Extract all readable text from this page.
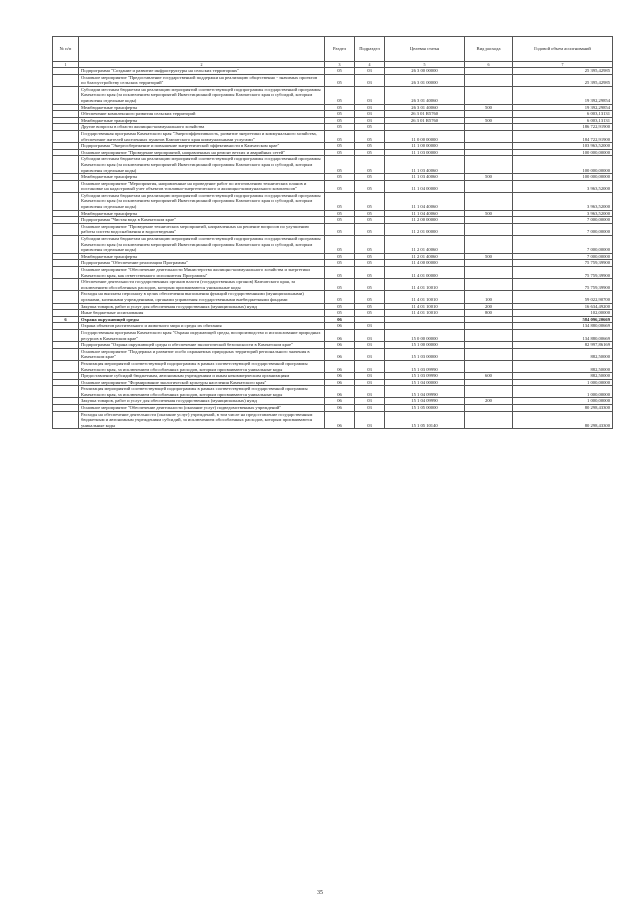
№ п/п		Раздел	Подраздел	Целевая статья	Вид расхода	Годовой объем ассигнований
1	2	3	4	5	6	7
	Подпрограмма "Создание и развитие инфраструктуры на сельских территориях"	05	03	26 3 00 00000		25 395,42985
	Основное мероприятие "Предоставление государственной поддержки на реализацию общественно - значимых проектов по благоустройству сельских территорий"	05	03	26 3 01 00000		25 395,42985
	Субсидии местным бюджетам на реализацию мероприятий соответствующей подпрограммы государственной программы Камчатского края (за исключением мероприятий Инвестиционной программы Камчатского края и субсидий, которым присвоены отдельные коды)	05	03	26 3 01 40060		19 392,29854
	Межбюджетные трансферты	05	03	26 3 01 40060	500	19 392,29854
	Обеспечение комплексного развития сельских территорий	05	03	26 3 01 R5760		6 003,13131
	Межбюджетные трансферты	05	03	26 3 01 R5760	500	6 003,13131
	Другие вопросы в области жилищно-коммунального хозяйства	05	05			186 722,91900
	Государственная программа Камчатского края "Энергоэффективность, развитие энергетики и коммунального хозяйства, обеспечение жителей населенных пунктов Камчатского края коммунальными услугами"	05	05	11 0 00 00000		184 722,91900
	Подпрограмма "Энергосбережение и повышение энергетической эффективности в Камчатском крае"	05	05	11 1 00 00000		103 963,52000
	Основное мероприятие "Проведение мероприятий, направленных на ремонт ветхих и аварийных сетей"	05	05	11 1 03 00000		100 000,00000
	Субсидии местным бюджетам на реализацию мероприятий соответствующей подпрограммы государственной программы Камчатского края (за исключением мероприятий Инвестиционной программы Камчатского края и субсидий, которым присвоены отдельные коды)	05	05	11 1 03 40060		100 000,00000
	Межбюджетные трансферты	05	05	11 1 03 40060	500	100 000,00000
	Основное мероприятие "Мероприятия, направленные на проведение работ по изготовлению технических планов и постановке на кадастровый учет объектов топливно-энергетического и жилищно-коммунального комплексов"	05	05	11 1 04 00000		3 963,52000
	Субсидии местным бюджетам на реализацию мероприятий соответствующей подпрограммы государственной программы Камчатского края (за исключением мероприятий Инвестиционной программы Камчатского края и субсидий, которым присвоены отдельные коды)	05	05	11 1 04 40060		3 963,52000
	Межбюджетные трансферты	05	05	11 1 04 40060	500	3 963,52000
	Подпрограмма "Чистая вода в Камчатском крае"	05	05	11 2 00 00000		7 000,00000
	Основное мероприятие "Проведение технических мероприятий, направленных на решение вопросов по улучшению работы систем водоснабжения и водоотведения"	05	05	11 2 01 00000		7 000,00000
	Субсидии местным бюджетам на реализацию мероприятий соответствующей подпрограммы государственной программы Камчатского края (за исключением мероприятий Инвестиционной программы Камчатского края и субсидий, которым присвоены отдельные коды)	05	05	11 2 01 40060		7 000,00000
	Межбюджетные трансферты	05	05	11 2 01 40060	500	7 000,00000
	Подпрограмма "Обеспечение реализации Программы"	05	05	11 4 00 00000		75 759,39900
	Основное мероприятие "Обеспечение деятельности Министерства жилищно-коммунального хозяйства и энергетики Камчатского края, как ответственного исполнителя Программы"	05	05	11 4 01 00000		75 759,39900
	Обеспечение деятельности государственных органов власти (государственных органов) Камчатского края, за исключением обособленных расходов, которым присваиваются уникальные коды	05	05	11 4 01 10010		75 759,39900
	Расходы на выплаты персоналу в целях обеспечения выполнения функций государственными (муниципальными) органами, казенными учреждениями, органами управления государственными внебюджетными фондами	05	05	11 4 01 10010	100	59 022,90700
	Закупка товаров, работ и услуг для обеспечения государственных (муниципальных) нужд	05	05	11 4 01 10010	200	16 634,49200
	Иные бюджетные ассигнования	05	05	11 4 01 10010	800	102,00000
6	Охрана окружающей среды	06				584 096,20669
	Охрана объектов растительного и животного мира и среды их обитания	06	03			134 880,00669
	Государственная программа Камчатского края "Охрана окружающей среды, воспроизводство и использование природных ресурсов в Камчатском крае"	06	03	15 0 00 00000		134 880,00669
	Подпрограмма "Охрана окружающей среды и обеспечение экологической безопасности в Камчатском крае"	06	03	15 1 00 00000		82 997,86169
	Основное мероприятие "Поддержка и развитие особо охраняемых природных территорий регионального значения в Камчатском крае"	06	03	15 1 03 00000		882,50000
	Реализация мероприятий соответствующей подпрограммы в рамках соответствующей государственной программы Камчатского края, за исключением обособленных расходов, которым присваиваются уникальные коды	06	03	15 1 03 09990		882,50000
	Предоставление субсидий бюджетным, автономным учреждениям и иным некоммерческим организациям	06	03	15 1 03 09990	600	882,50000
	Основное мероприятие "Формирование экологической культуры населения Камчатского края"	06	03	15 1 04 00000		1 000,00000
	Реализация мероприятий соответствующей подпрограммы в рамках соответствующей государственной программы Камчатского края, за исключением обособленных расходов, которым присваиваются уникальные коды	06	03	15 1 04 09990		1 000,00000
	Закупка товаров, работ и услуг для обеспечения государственных (муниципальных) нужд	06	03	15 1 04 09990	200	1 000,00000
	Основное мероприятие "Обеспечение деятельности (оказание услуг) подведомственных учреждений"	06	03	15 1 05 00000		80 298,43300
	Расходы на обеспечение деятельности (оказание услуг) учреждений, в том числе на предоставление государственным бюджетным и автономным учреждениям субсидий, за исключением обособленных расходов, которым присваиваются уникальные коды	06	03	15 1 05 10140		80 298,43300
35
